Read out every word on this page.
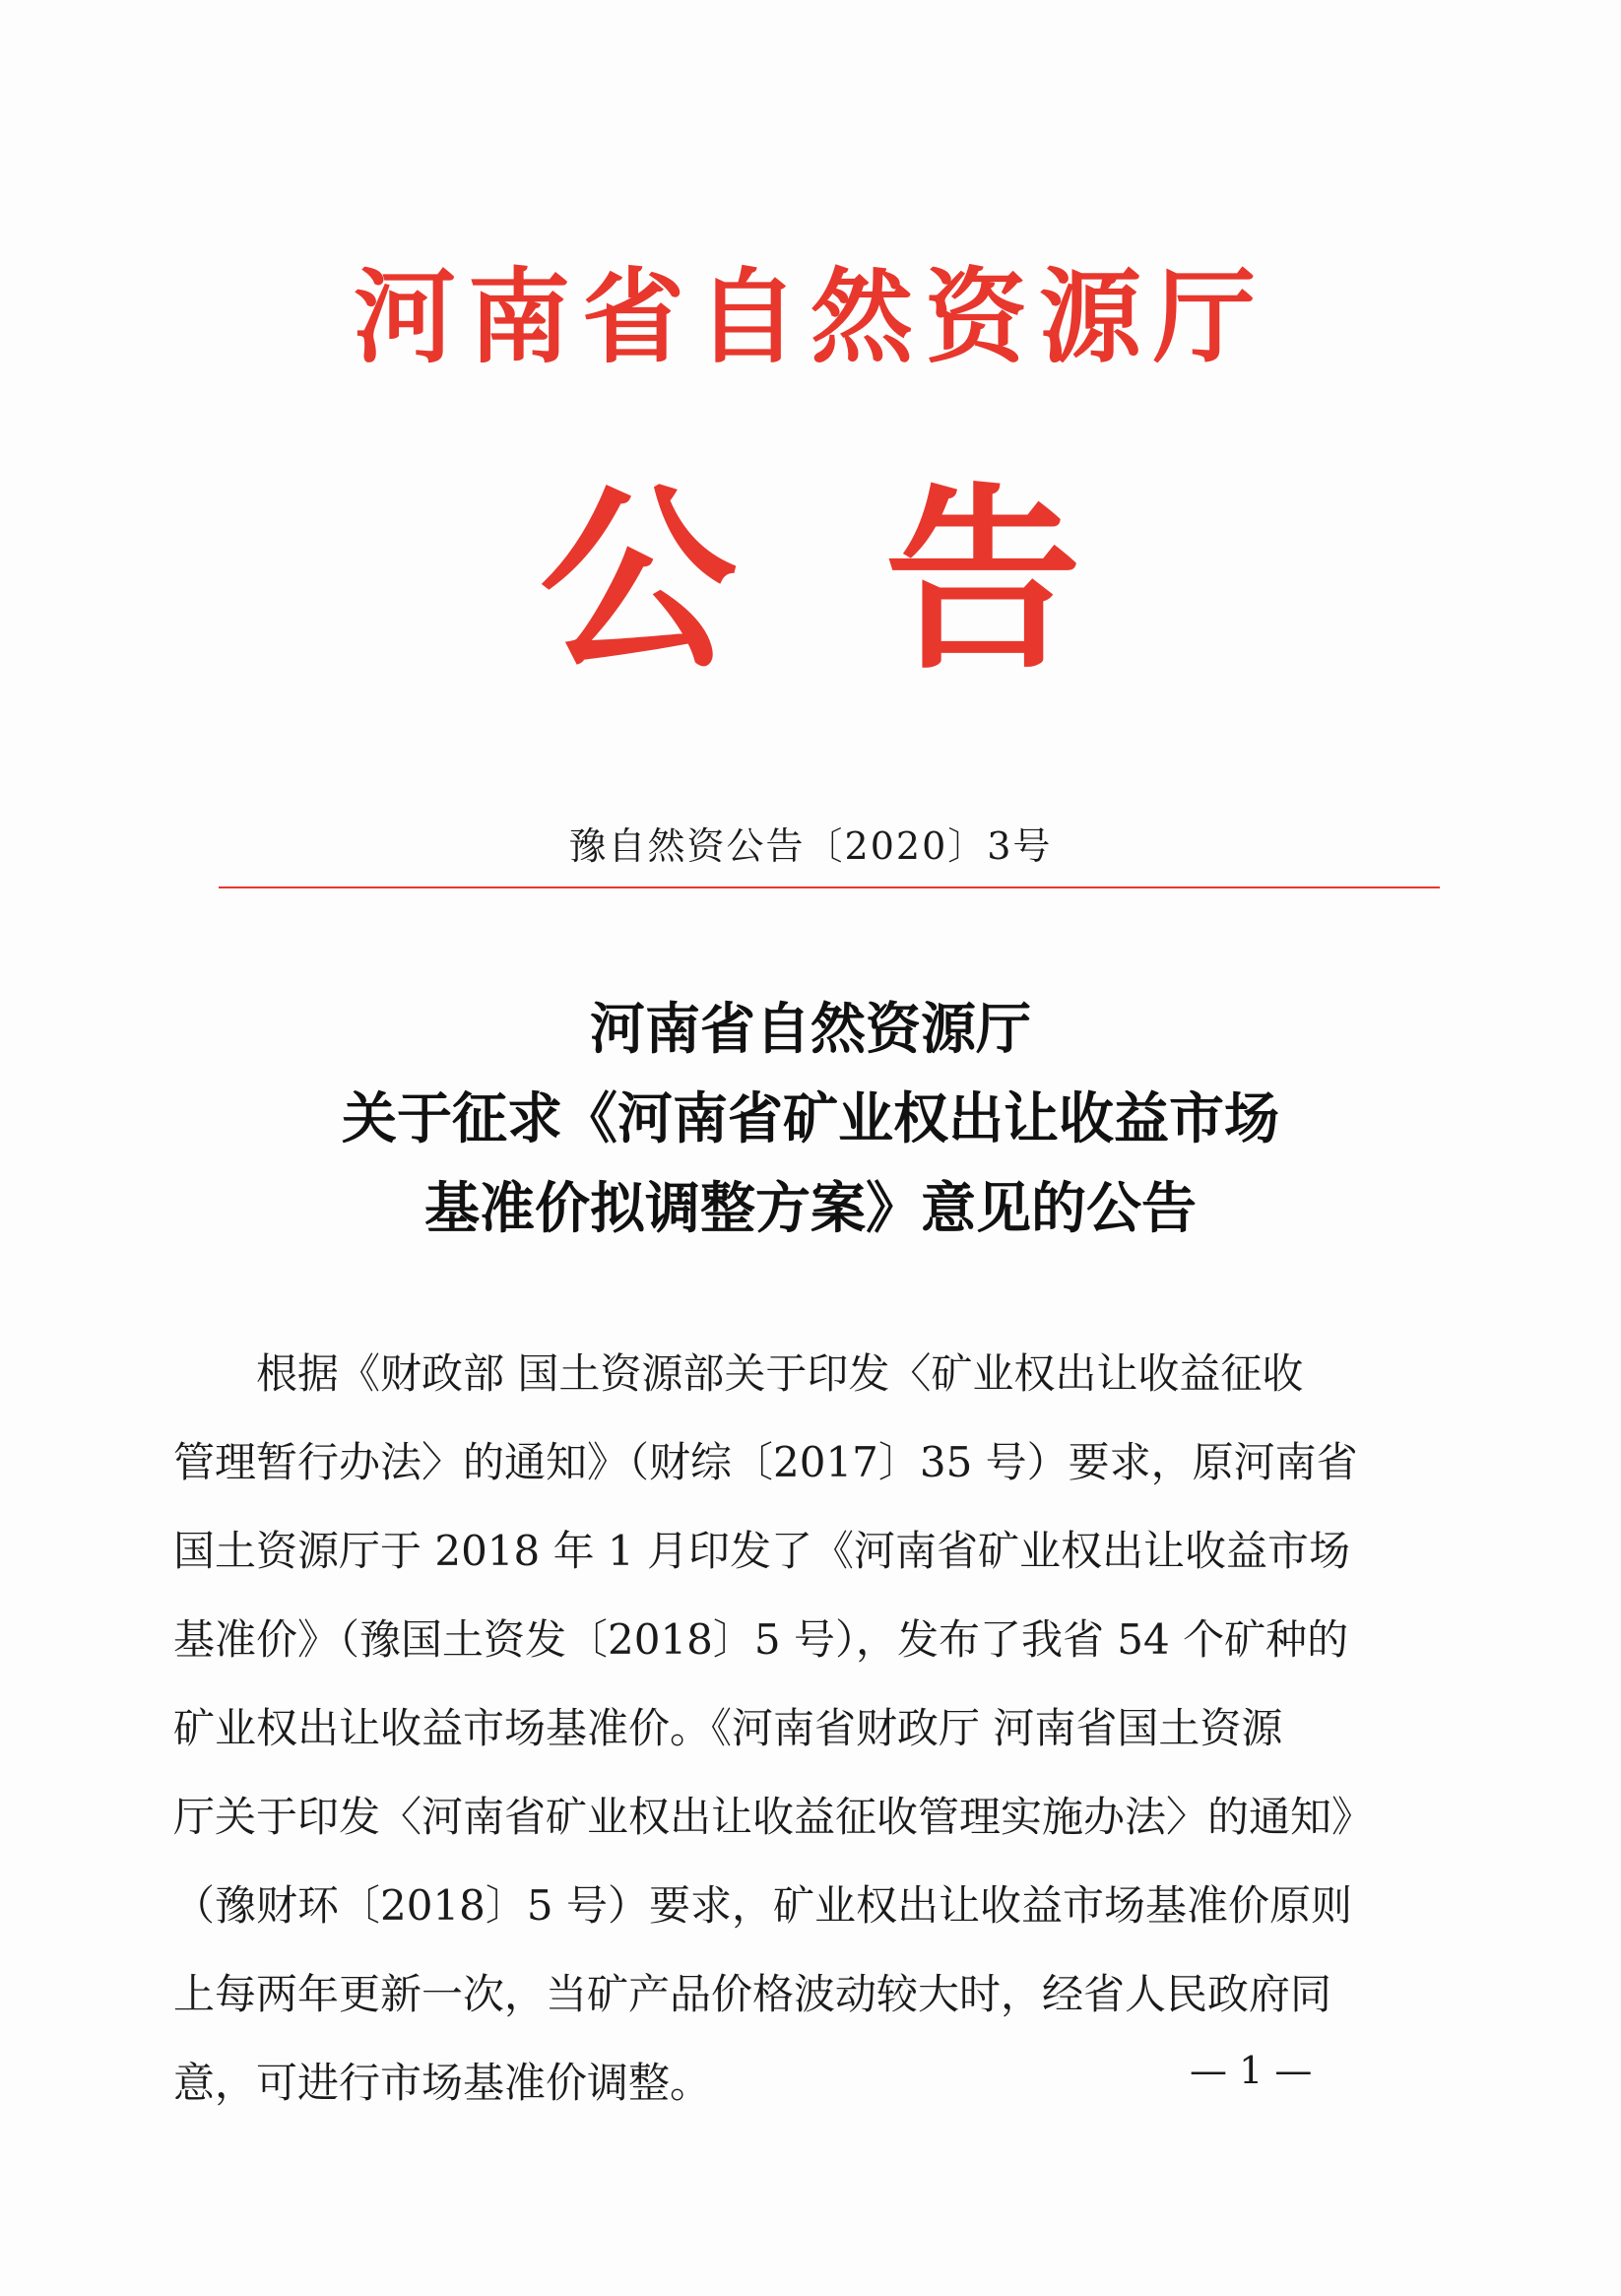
河南省自然资源厅
公告
豫自然资公告〔2020〕3号
河南省自然资源厅
关于征求《河南省矿业权出让收益市场
基准价拟调整方案》意见的公告
根据《财政部 国土资源部关于印发〈矿业权出让收益征收
管理暂行办法〉的通知》（财综〔2017〕35 号）要求，原河南省
国土资源厅于 2018 年 1 月印发了《河南省矿业权出让收益市场
基准价》（豫国土资发〔2018〕5 号），发布了我省 54 个矿种的
矿业权出让收益市场基准价。《河南省财政厅 河南省国土资源
厅关于印发〈河南省矿业权出让收益征收管理实施办法〉的通知》
（豫财环〔2018〕5 号）要求，矿业权出让收益市场基准价原则
上每两年更新一次，当矿产品价格波动较大时，经省人民政府同
意，可进行市场基准价调整。	— 1 —
